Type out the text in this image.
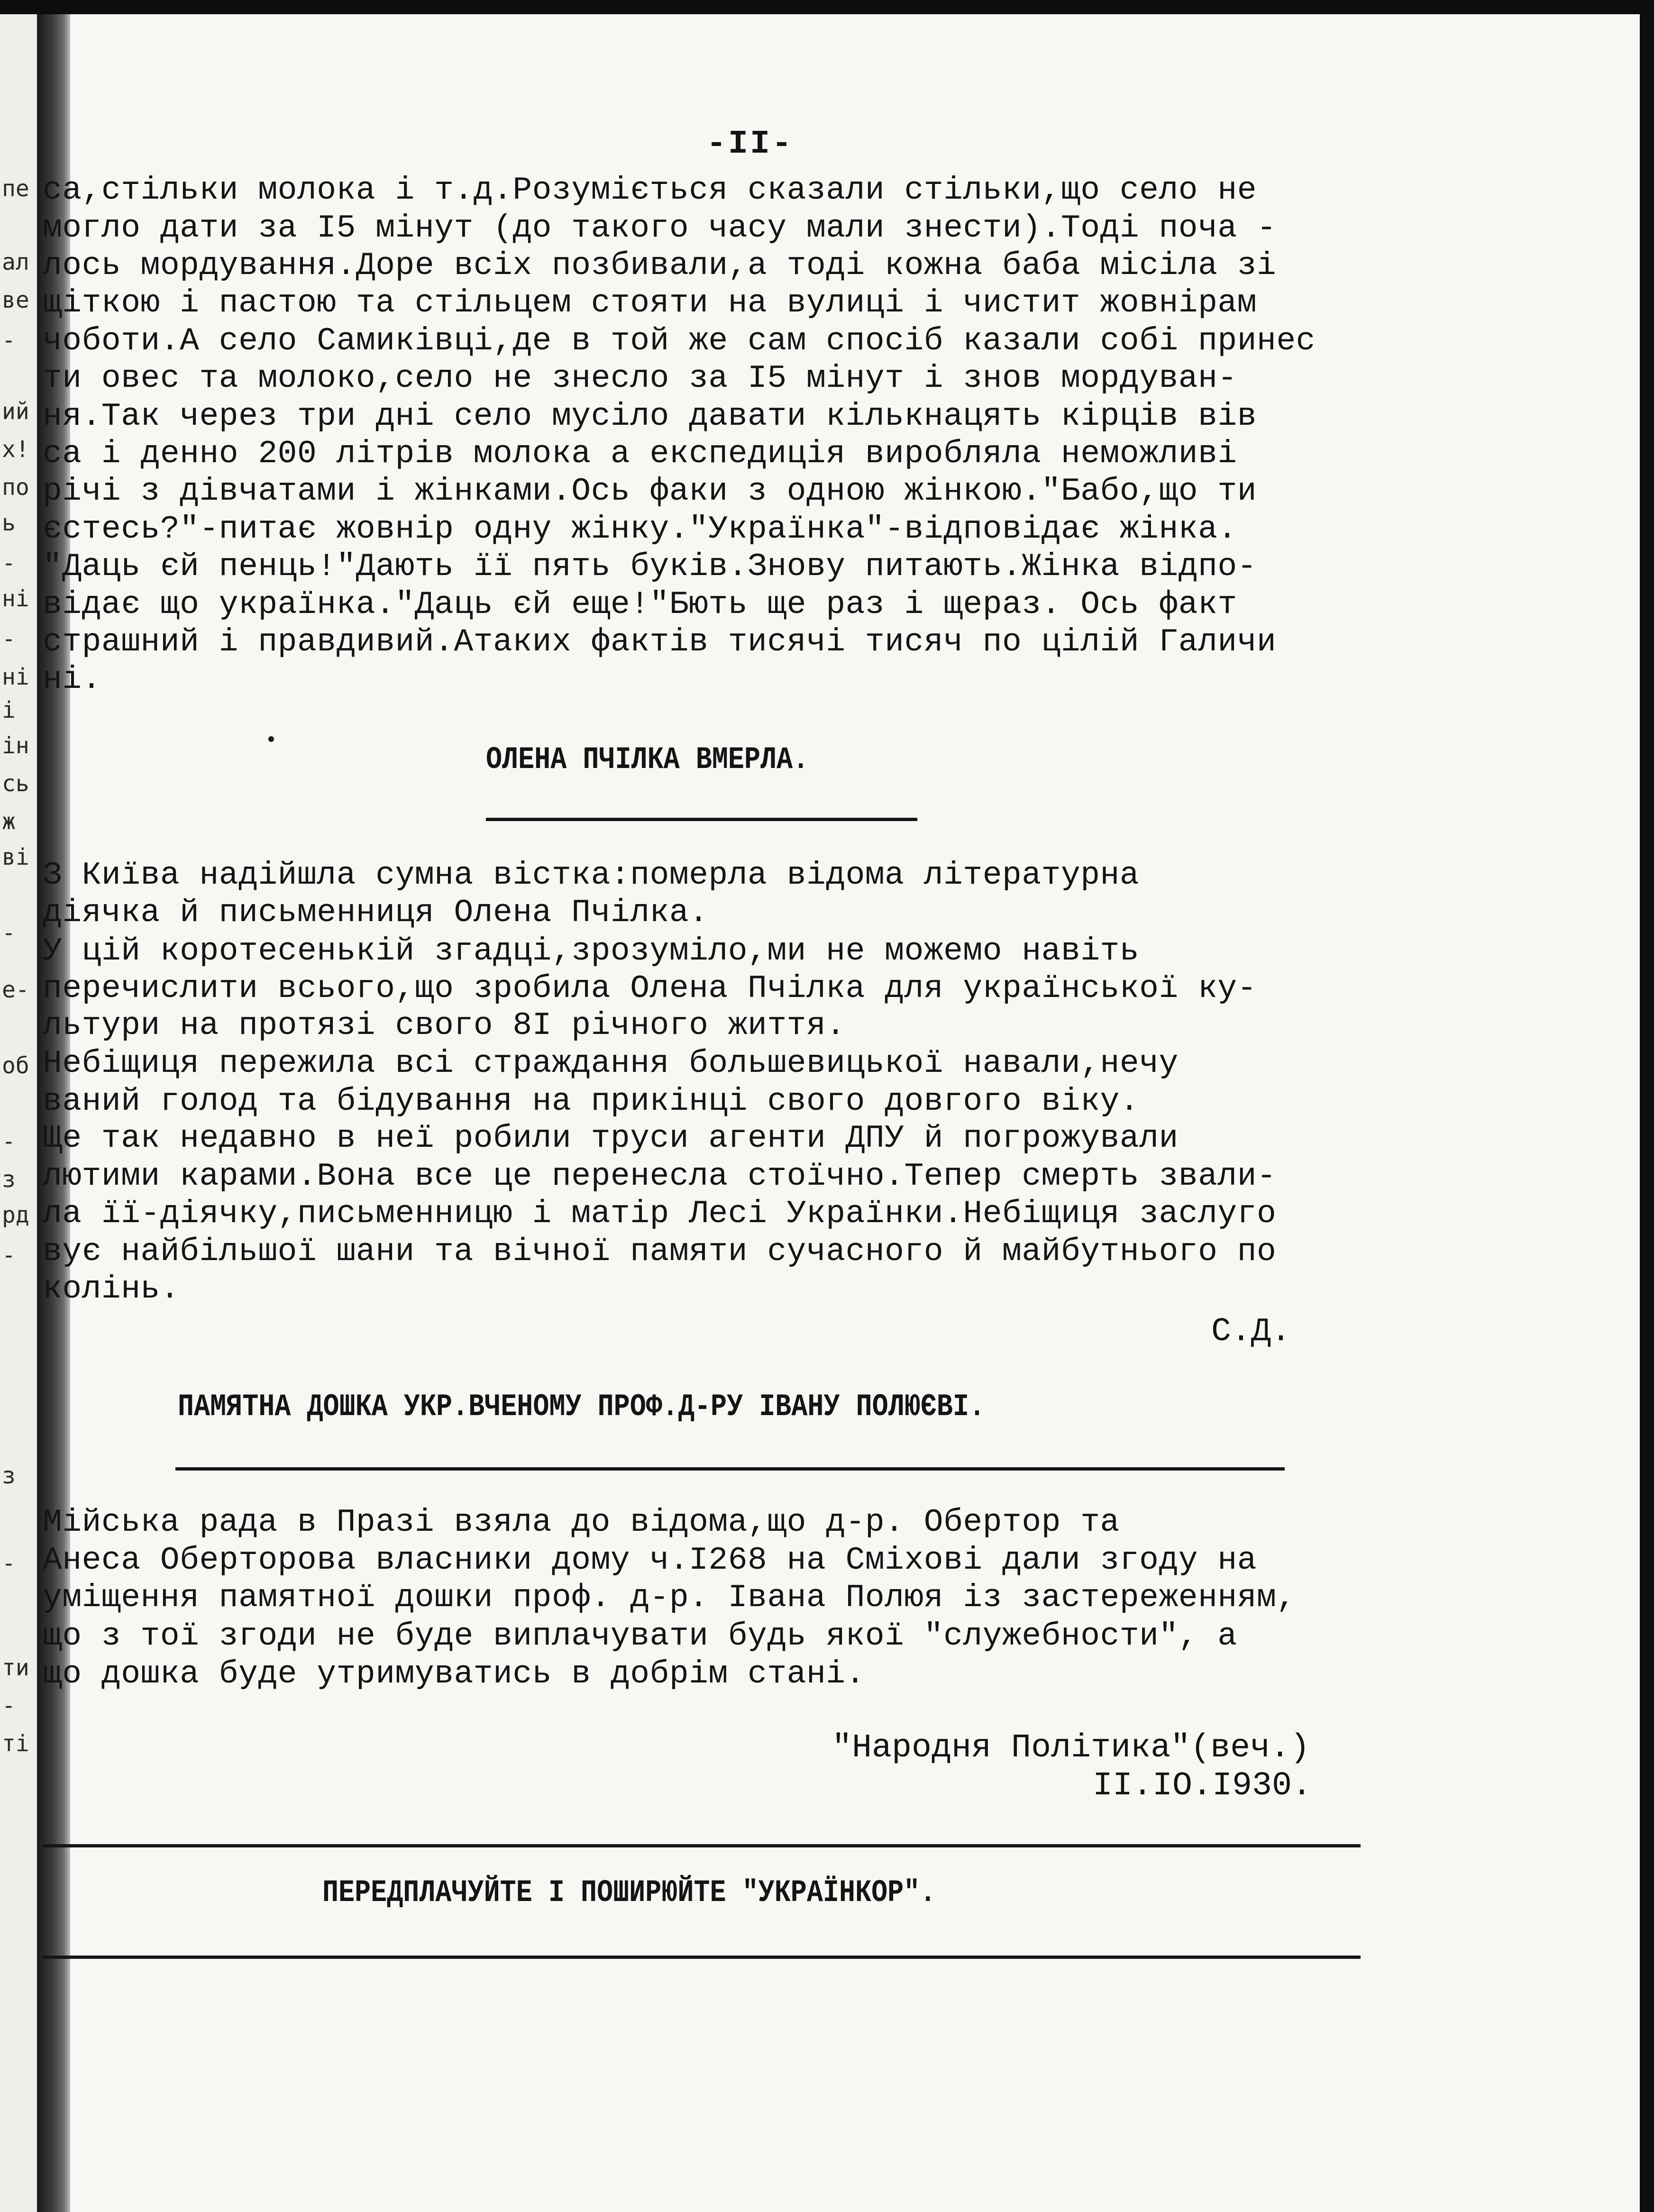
пе
ал
ве
-
ий
х!
по
ь
-
ні
-
ні
і
ін
сь
ж
ві
-
е-
об
-
з
рд
-
з
-
ти
-
ті
-II-
са,стільки молока і т.д.Розуміється сказали стільки,що село не
могло дати за I5 мінут (до такого часу мали знести).Тоді поча -
лось мордування.Доре всіх позбивали,а тоді кожна баба місіла зі
щіткою і пастою та стільцем стояти на вулиці і чистит жовнірам
чоботи.А село Самиківці,де в той же сам спосіб казали собі принес
ти овес та молоко,село не знесло за I5 мінут і знов мордуван-
ня.Так через три дні село мусіло давати кількнацять кірців вів
са і денно 200 літрів молока а експедиція виробляла неможливі
річі з дівчатами і жінками.Ось факи з одною жінкою."Бабо,що ти
єстесь?"-питає жовнір одну жінку."Українка"-відповідає жінка.
"Даць єй пенць!"Дають її пять буків.Знову питають.Жінка відпо-
відає що українка."Даць єй еще!"Бють ще раз і щераз. Ось факт
страшний і правдивий.Атаких фактів тисячі тисяч по цілій Галичи
ні.
ОЛЕНА ПЧІЛКА ВМЕРЛА.
З Київа надійшла сумна вістка:померла відома літературна
діячка й письменниця Олена Пчілка.
У цій коротесенькій згадці,зрозуміло,ми не можемо навіть
перечислити всього,що зробила Олена Пчілка для української ку-
льтури на протязі свого 8I річного життя.
Небіщиця пережила всі страждання большевицької навали,нечу
ваний голод та бідування на прикінці свого довгого віку.
Ще так недавно в неї робили труси агенти ДПУ й погрожували
лютими карами.Вона все це перенесла стоїчно.Тепер смерть звали-
ла її-діячку,письменницю і матір Лесі Українки.Небіщиця заслуго
вує найбільшої шани та вічної памяти сучасного й майбутнього по
колінь.
С.Д.
ПАМЯТНА ДОШКА УКР.ВЧЕНОМУ ПРОФ.Д-РУ ІВАНУ ПОЛЮЄВІ.
Мійська рада в Празі взяла до відома,що д-р. Обертор та
Анеса Оберторова власники дому ч.I268 на Сміхові дали згоду на
уміщення памятної дошки проф. д-р. Івана Полюя із застереженням,
що з тої згоди не буде виплачувати будь якої "служебности", а
що дошка буде утримуватись в добрім стані.
"Народня Політика"(веч.)
II.IO.I930.
ПЕРЕДПЛАЧУЙТЕ І ПОШИРЮЙТЕ "УКРАЇНКОР".
